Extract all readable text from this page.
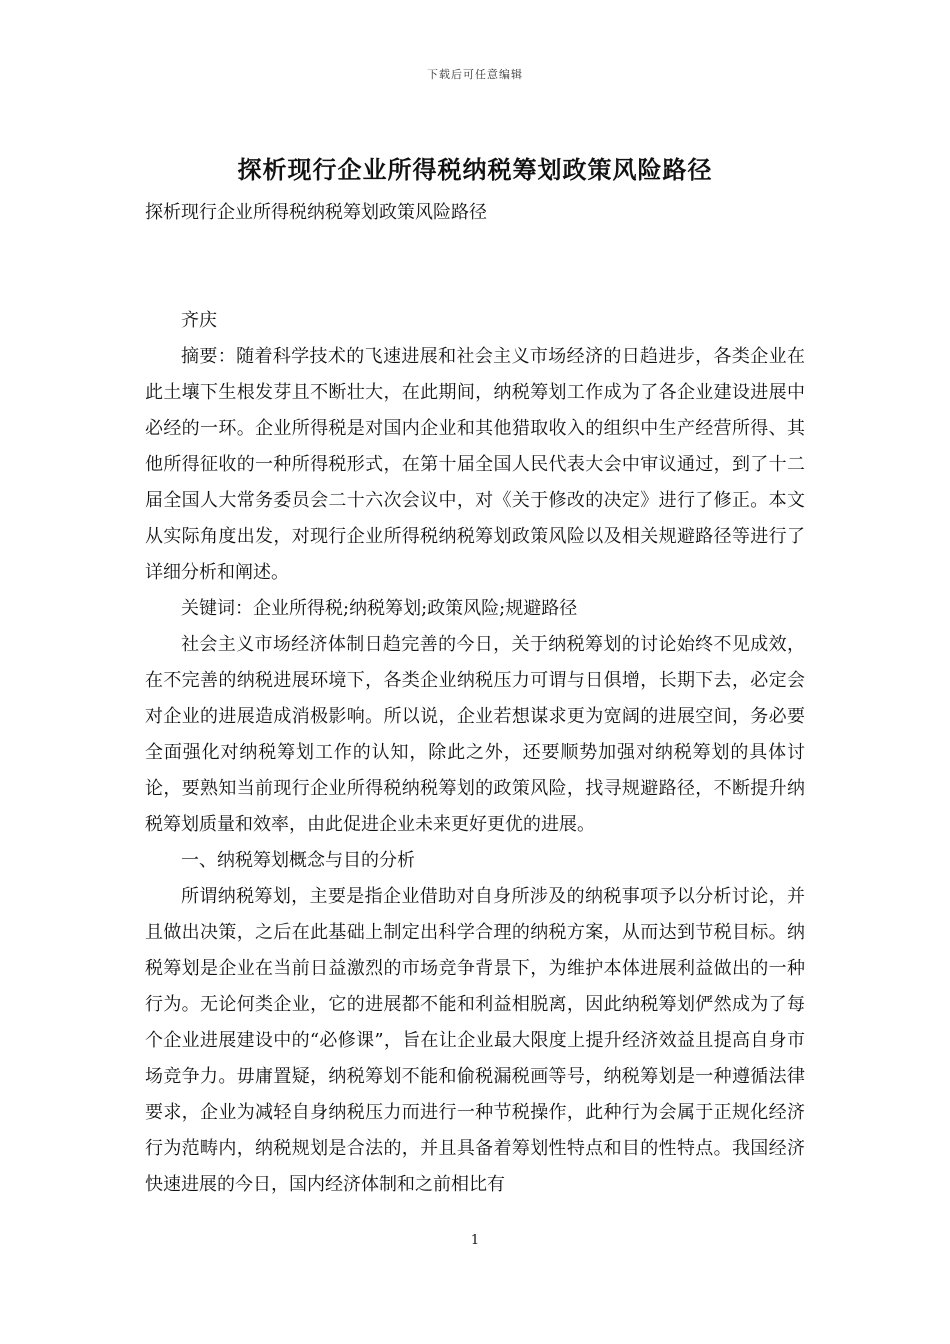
下载后可任意编辑
探析现行企业所得税纳税筹划政策风险路径

探析现行企业所得税纳税筹划政策风险路径

齐庆

摘要：随着科学技术的飞速进展和社会主义市场经济的日趋进步，各类企业在此土壤下生根发芽且不断壮大，在此期间，纳税筹划工作成为了各企业建设进展中必经的一环。企业所得税是对国内企业和其他猎取收入的组织中生产经营所得、其他所得征收的一种所得税形式，在第十届全国人民代表大会中审议通过，到了十二届全国人大常务委员会二十六次会议中，对《关于修改的决定》进行了修正。本文从实际角度出发，对现行企业所得税纳税筹划政策风险以及相关规避路径等进行了详细分析和阐述。

关键词：企业所得税;纳税筹划;政策风险;规避路径

社会主义市场经济体制日趋完善的今日，关于纳税筹划的讨论始终不见成效，在不完善的纳税进展环境下，各类企业纳税压力可谓与日俱增，长期下去，必定会对企业的进展造成消极影响。所以说，企业若想谋求更为宽阔的进展空间，务必要全面强化对纳税筹划工作的认知，除此之外，还要顺势加强对纳税筹划的具体讨论，要熟知当前现行企业所得税纳税筹划的政策风险，找寻规避路径，不断提升纳税筹划质量和效率，由此促进企业未来更好更优的进展。

一、纳税筹划概念与目的分析

所谓纳税筹划，主要是指企业借助对自身所涉及的纳税事项予以分析讨论，并且做出决策，之后在此基础上制定出科学合理的纳税方案，从而达到节税目标。纳税筹划是企业在当前日益激烈的市场竞争背景下，为维护本体进展利益做出的一种行为。无论何类企业，它的进展都不能和利益相脱离，因此纳税筹划俨然成为了每个企业进展建设中的“必修课”，旨在让企业最大限度上提升经济效益且提高自身市场竞争力。毋庸置疑，纳税筹划不能和偷税漏税画等号，纳税筹划是一种遵循法律要求，企业为减轻自身纳税压力而进行一种节税操作，此种行为会属于正规化经济行为范畴内，纳税规划是合法的，并且具备着筹划性特点和目的性特点。我国经济快速进展的今日，国内经济体制和之前相比有

1
